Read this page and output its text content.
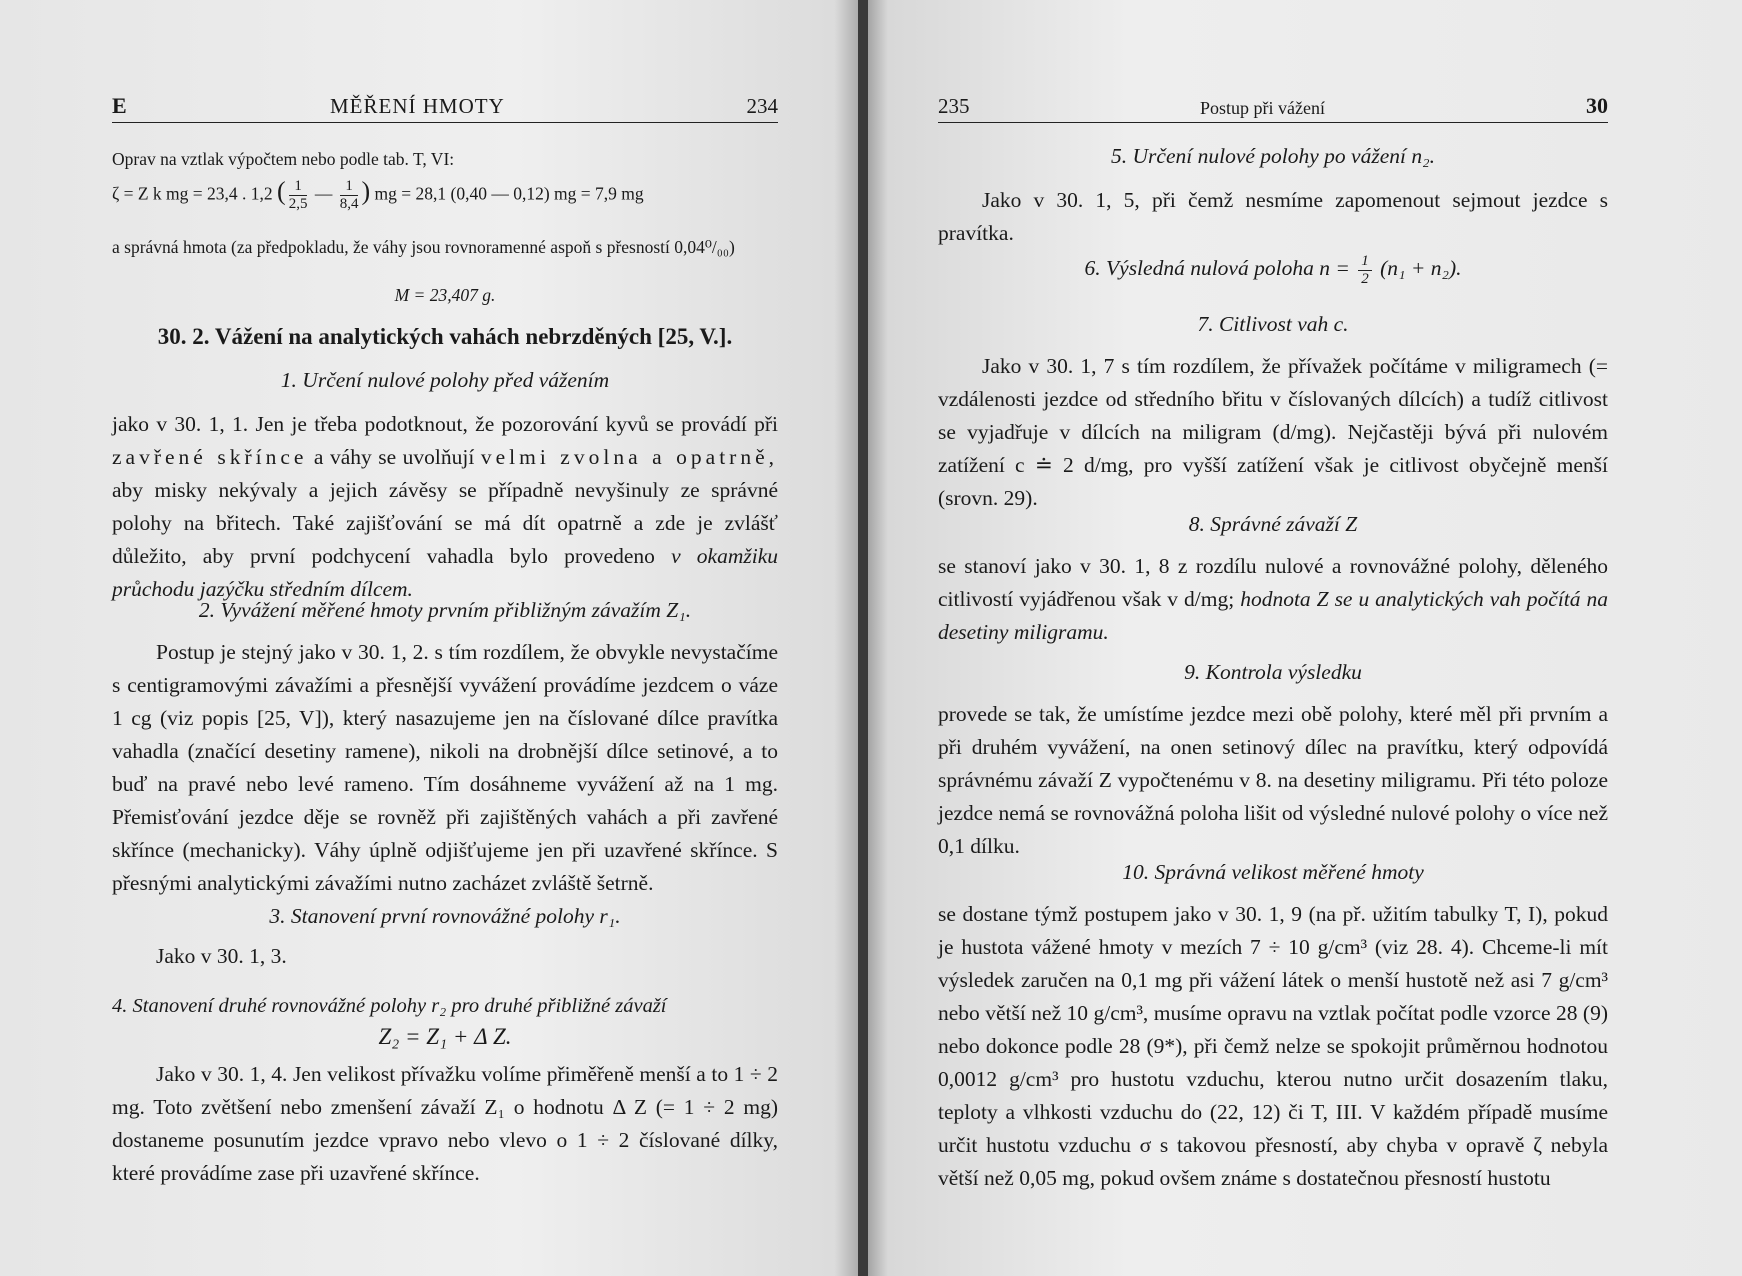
E	MĚŘENÍ HMOTY	234
Oprav na vztlak výpočtem nebo podle tab. T, VI:
ζ = Z k mg = 23,4 . 1,2 ( $\frac{1}{2,5}$ — $\frac{1}{8,4}$ ) mg = 28,1 (0,40 — 0,12) mg = 7,9 mg
a správná hmota (za předpokladu, že váhy jsou rovnoramenné aspoň s přesností 0,04⁰/₀₀)
M = 23,407 g.
30. 2. Vážení na analytických vahách nebrzděných [25, V.].
1. Určení nulové polohy před vážením
jako v 30. 1, 1. Jen je třeba podotknout, že pozorování kyvů se provádí při zavřené skřínce a váhy se uvolňují velmi zvolna a opatrně, aby misky nekývaly a jejich závěsy se případně nevyšinuly ze správné polohy na břitech. Také zajišťování se má dít opatrně a zde je zvlášť důležito, aby první podchycení vahadla bylo provedeno v okamžiku průchodu jazýčku středním dílcem.
2. Vyvážení měřené hmoty prvním přibližným závažím Z₁.
Postup je stejný jako v 30. 1, 2. s tím rozdílem, že obvykle nevystačíme s centigramovými závažími a přesnější vyvážení provádíme jezdcem o váze 1 cg (viz popis [25, V]), který nasazujeme jen na číslované dílce pravítka vahadla (značící desetiny ramene), nikoli na drobnější dílce setinové, a to buď na pravé nebo levé rameno. Tím dosáhneme vyvážení až na 1 mg. Přemisťování jezdce děje se rovněž při zajištěných vahách a při zavřené skřínce (mechanicky). Váhy úplně odjišťujeme jen při uzavřené skřínce. S přesnými analytickými závažími nutno zacházet zvláště šetrně.
3. Stanovení první rovnovážné polohy r₁.
Jako v 30. 1, 3.
4. Stanovení druhé rovnovážné polohy r₂ pro druhé přibližné závaží
Z₂ = Z₁ + Δ Z.
Jako v 30. 1, 4. Jen velikost přívažku volíme přiměřeně menší a to 1 ÷ 2 mg. Toto zvětšení nebo zmenšení závaží Z₁ o hodnotu Δ Z (= 1 ÷ 2 mg) dostaneme posunutím jezdce vpravo nebo vlevo o 1 ÷ 2 číslované dílky, které provádíme zase při uzavřené skřínce.
235	Postup při vážení	30
5. Určení nulové polohy po vážení n₂.
Jako v 30. 1, 5, při čemž nesmíme zapomenout sejmout jezdce s pravítka.
6. Výsledná nulová poloha $n = \frac{1}{2} (n_1 + n_2)$.
7. Citlivost vah c.
Jako v 30. 1, 7 s tím rozdílem, že přívažek počítáme v miligramech (= vzdálenosti jezdce od středního břitu v číslovaných dílcích) a tudíž citlivost se vyjadřuje v dílcích na miligram (d/mg). Nejčastěji bývá při nulovém zatížení c ≐ 2 d/mg, pro vyšší zatížení však je citlivost obyčejně menší (srovn. 29).
8. Správné závaží Z
se stanoví jako v 30. 1, 8 z rozdílu nulové a rovnovážné polohy, děleného citlivostí vyjádřenou však v d/mg; hodnota Z se u analytických vah počítá na desetiny miligramu.
9. Kontrola výsledku
provede se tak, že umístíme jezdce mezi obě polohy, které měl při prvním a při druhém vyvážení, na onen setinový dílec na pravítku, který odpovídá správnému závaží Z vypočtenému v 8. na desetiny miligramu. Při této poloze jezdce nemá se rovnovážná poloha lišit od výsledné nulové polohy o více než 0,1 dílku.
10. Správná velikost měřené hmoty
se dostane týmž postupem jako v 30. 1, 9 (na př. užitím tabulky T, I), pokud je hustota vážené hmoty v mezích 7 ÷ 10 g/cm³ (viz 28. 4). Chceme-li mít výsledek zaručen na 0,1 mg při vážení látek o menší hustotě než asi 7 g/cm³ nebo větší než 10 g/cm³, musíme opravu na vztlak počítat podle vzorce 28 (9) nebo dokonce podle 28 (9*), při čemž nelze se spokojit průměrnou hodnotou 0,0012 g/cm³ pro hustotu vzduchu, kterou nutno určit dosazením tlaku, teploty a vlhkosti vzduchu do (22, 12) či T, III. V každém případě musíme určit hustotu vzduchu σ s takovou přesností, aby chyba v opravě ζ nebyla větší než 0,05 mg, pokud ovšem známe s dostatečnou přesností hustotu
